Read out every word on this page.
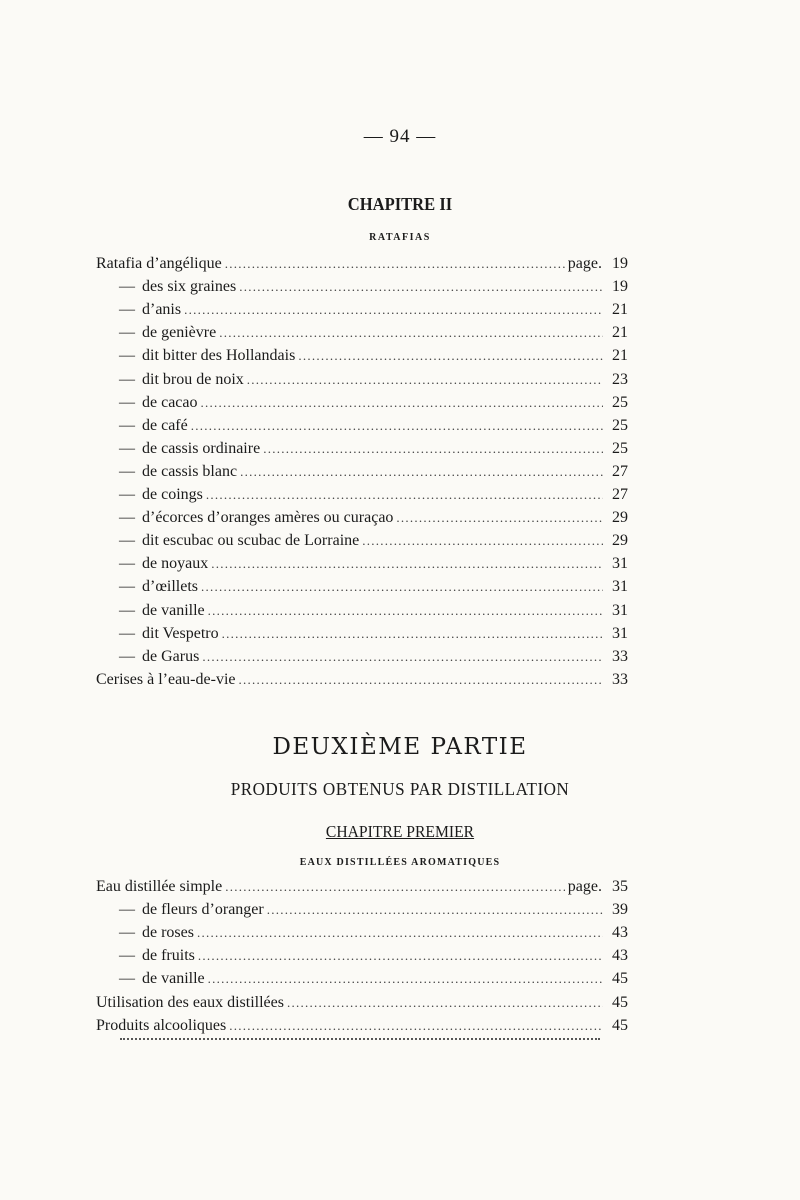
— 94 —
CHAPITRE II
RATAFIAS
Ratafia d’angélique . . .	page. 19
— des six graines . . .	19
— d’anis . . .	21
— de genièvre . . .	21
— dit bitter des Hollandais . . .	21
— dit brou de noix . . .	23
— de cacao . . .	25
— de café . . .	25
— de cassis ordinaire . . .	25
— de cassis blanc . . .	27
— de coings . . .	27
— d’écorces d’oranges amères ou curaçao . . .	29
— dit escubac ou scubac de Lorraine . . .	29
— de noyaux . . .	31
— d’œillets . . .	31
— de vanille . . .	31
— dit Vespetro . . .	31
— de Garus . . .	33
Cerises à l’eau-de-vie . . .	33
DEUXIÈME PARTIE
PRODUITS OBTENUS PAR DISTILLATION
CHAPITRE PREMIER
EAUX DISTILLÉES AROMATIQUES
Eau distillée simple . . .	page. 35
— de fleurs d’oranger . . .	39
— de roses . . .	43
— de fruits . . .	43
— de vanille . . .	45
Utilisation des eaux distillées . . .	45
Produits alcooliques . . .	45
